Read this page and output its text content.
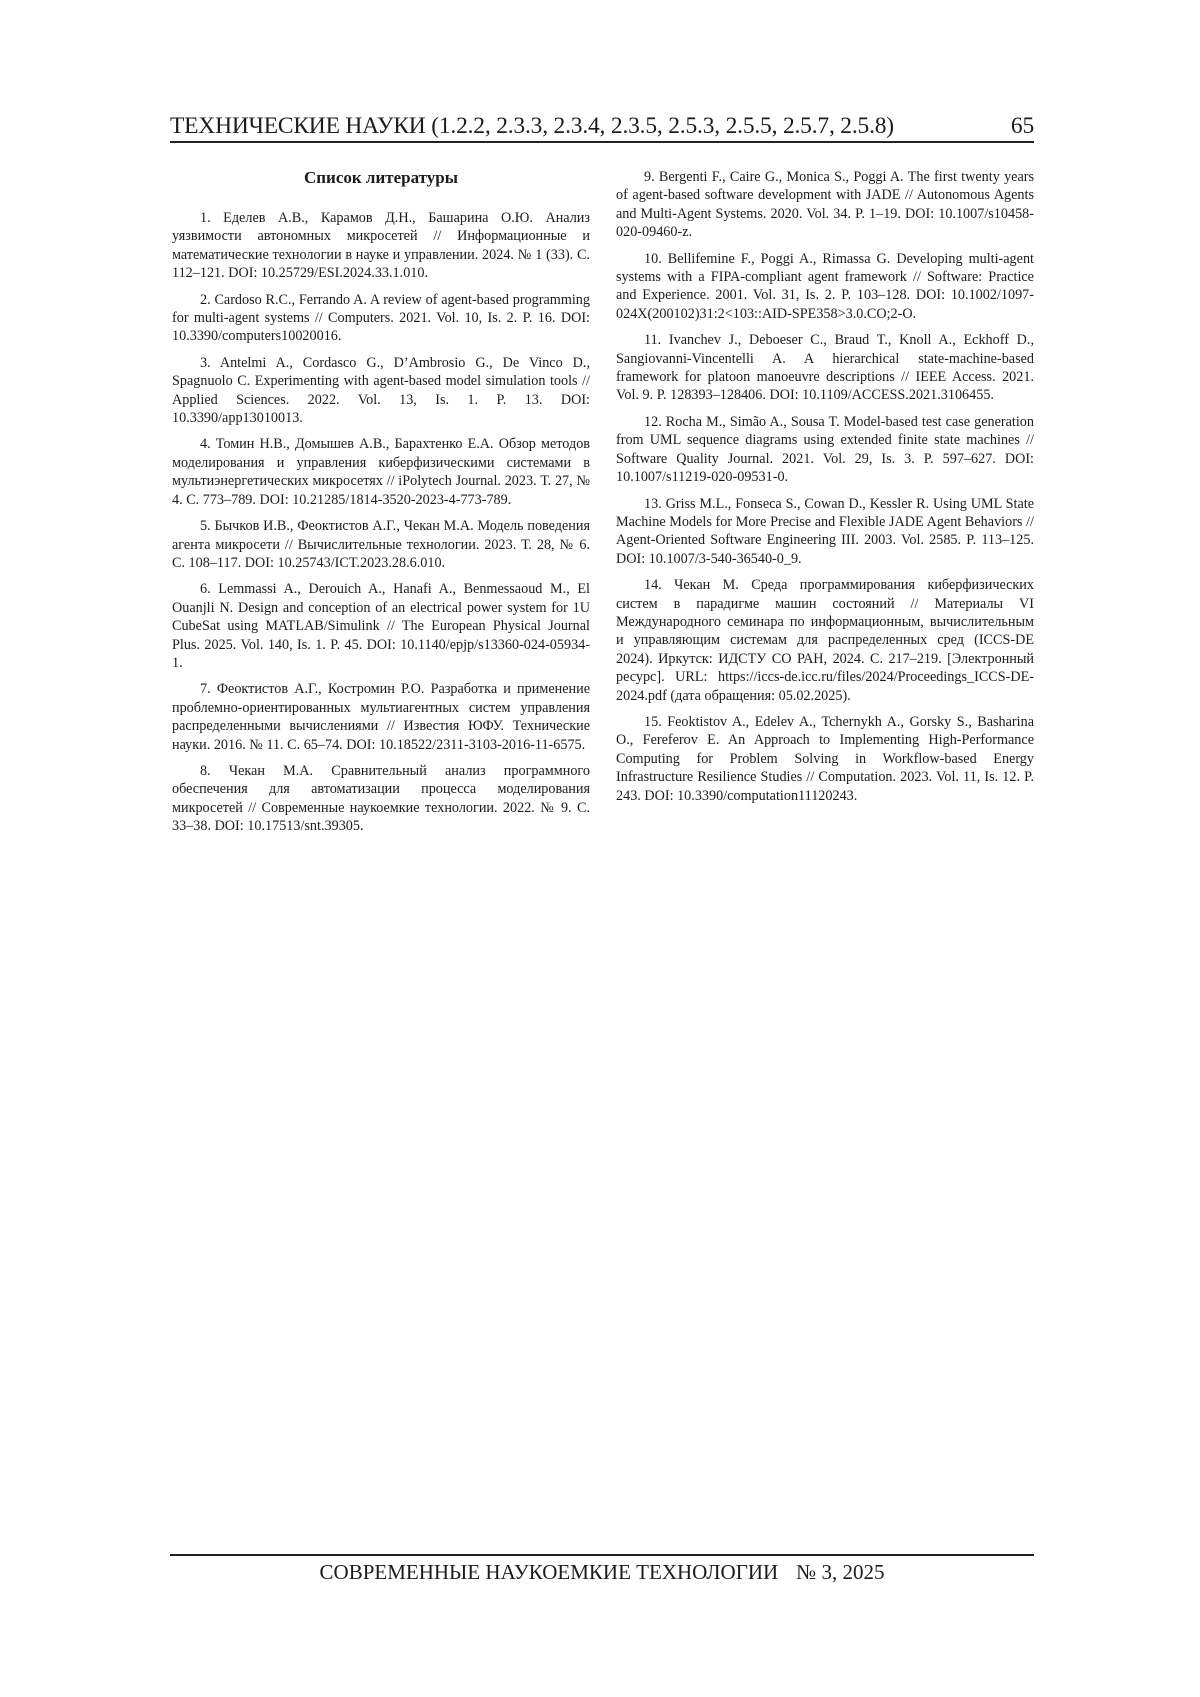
ТЕХНИЧЕСКИЕ НАУКИ (1.2.2, 2.3.3, 2.3.4, 2.3.5, 2.5.3, 2.5.5, 2.5.7, 2.5.8)	65
Список литературы

1. Еделев А.В., Карамов Д.Н., Башарина О.Ю. Анализ уязвимости автономных микросетей // Информационные и математические технологии в науке и управлении. 2024. № 1 (33). С. 112–121. DOI: 10.25729/ESI.2024.33.1.010.

2. Cardoso R.C., Ferrando A. A review of agent-based programming for multi-agent systems // Computers. 2021. Vol. 10, Is. 2. P. 16. DOI: 10.3390/computers10020016.

3. Antelmi A., Cordasco G., D’Ambrosio G., De Vinco D., Spagnuolo C. Experimenting with agent-based model simulation tools // Applied Sciences. 2022. Vol. 13, Is. 1. P. 13. DOI: 10.3390/app13010013.

4. Томин Н.В., Домышев А.В., Барахтенко Е.А. Обзор методов моделирования и управления киберфизическими системами в мультиэнергетических микросетях // iPolytech Journal. 2023. Т. 27, № 4. С. 773–789. DOI: 10.21285/1814-3520-2023-4-773-789.

5. Бычков И.В., Феоктистов А.Г., Чекан М.А. Модель поведения агента микросети // Вычислительные технологии. 2023. Т. 28, № 6. С. 108–117. DOI: 10.25743/ICT.2023.28.6.010.

6. Lemmassi A., Derouich A., Hanafi A., Benmessaoud M., El Ouanjli N. Design and conception of an electrical power system for 1U CubeSat using MATLAB/Simulink // The European Physical Journal Plus. 2025. Vol. 140, Is. 1. P. 45. DOI: 10.1140/epjp/s13360-024-05934-1.

7. Феоктистов А.Г., Костромин Р.О. Разработка и применение проблемно-ориентированных мультиагентных систем управления распределенными вычислениями // Известия ЮФУ. Технические науки. 2016. № 11. С. 65–74. DOI: 10.18522/2311-3103-2016-11-6575.

8. Чекан М.А. Сравнительный анализ программного обеспечения для автоматизации процесса моделирования микросетей // Современные наукоемкие технологии. 2022. № 9. С. 33–38. DOI: 10.17513/snt.39305.

9. Bergenti F., Caire G., Monica S., Poggi A. The first twenty years of agent-based software development with JADE // Autonomous Agents and Multi-Agent Systems. 2020. Vol. 34. P. 1–19. DOI: 10.1007/s10458-020-09460-z.

10. Bellifemine F., Poggi A., Rimassa G. Developing multi-agent systems with a FIPA-compliant agent framework // Software: Practice and Experience. 2001. Vol. 31, Is. 2. P. 103–128. DOI: 10.1002/1097-024X(200102)31:2<103::AID-SPE358>3.0.CO;2-O.

11. Ivanchev J., Deboeser C., Braud T., Knoll A., Eckhoff D., Sangiovanni-Vincentelli A. A hierarchical state-machine-based framework for platoon manoeuvre descriptions // IEEE Access. 2021. Vol. 9. P. 128393–128406. DOI: 10.1109/ACCESS.2021.3106455.

12. Rocha M., Simão A., Sousa T. Model-based test case generation from UML sequence diagrams using extended finite state machines // Software Quality Journal. 2021. Vol. 29, Is. 3. P. 597–627. DOI: 10.1007/s11219-020-09531-0.

13. Griss M.L., Fonseca S., Cowan D., Kessler R. Using UML State Machine Models for More Precise and Flexible JADE Agent Behaviors // Agent-Oriented Software Engineering III. 2003. Vol. 2585. P. 113–125. DOI: 10.1007/3-540-36540-0_9.

14. Чекан М. Среда программирования киберфизических систем в парадигме машин состояний // Материалы VI Международного семинара по информационным, вычислительным и управляющим системам для распределенных сред (ICCS-DE 2024). Иркутск: ИДСТУ СО РАН, 2024. С. 217–219. [Электронный ресурс]. URL: https://iccs-de.icc.ru/files/2024/Proceedings_ICCS-DE-2024.pdf (дата обращения: 05.02.2025).

15. Feoktistov A., Edelev A., Tchernykh A., Gorsky S., Basharina O., Fereferov E. An Approach to Implementing High-Performance Computing for Problem Solving in Workflow-based Energy Infrastructure Resilience Studies // Computation. 2023. Vol. 11, Is. 12. P. 243. DOI: 10.3390/computation11120243.

СОВРЕМЕННЫЕ НАУКОЕМКИЕ ТЕХНОЛОГИИ № 3, 2025
